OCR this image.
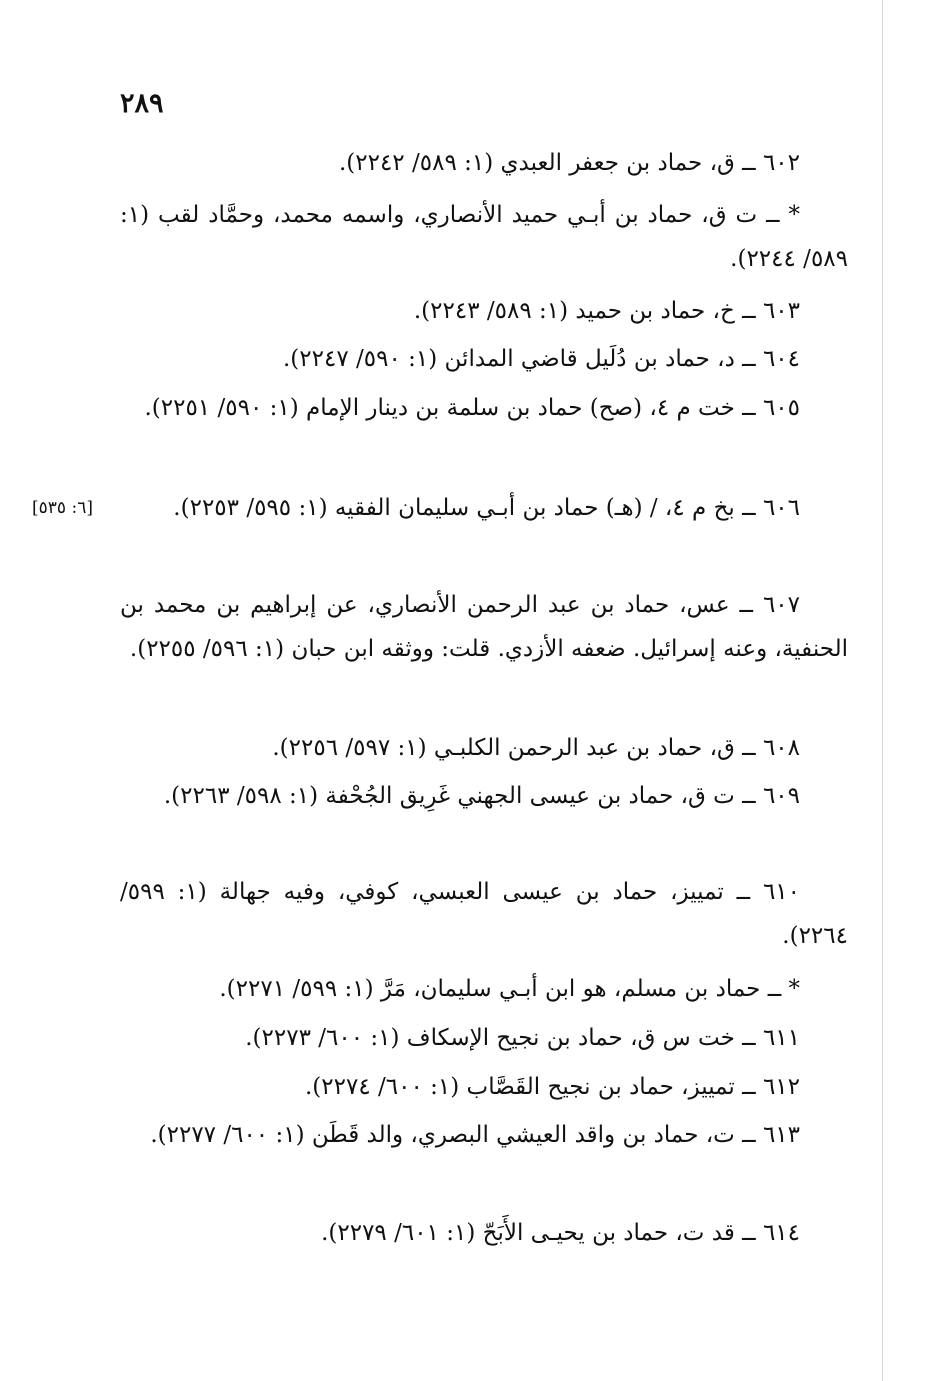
٢٨٩
٦٠٢ ــ ق، حماد بن جعفر العبدي (١: ٥٨٩/ ٢٢٤٢).
* ــ ت ق، حماد بن أبـي حميد الأنصاري، واسمه محمد، وحمَّاد لقب (١: ٥٨٩/ ٢٢٤٤).
٦٠٣ ــ خ، حماد بن حميد (١: ٥٨٩/ ٢٢٤٣).
٦٠٤ ــ د، حماد بن دُلَيل قاضي المدائن (١: ٥٩٠/ ٢٢٤٧).
٦٠٥ ــ خت م ٤، (صح) حماد بن سلمة بن دينار الإمام (١: ٥٩٠/ ٢٢٥١).
٦٠٦ ــ بخ م ٤، / (هـ) حماد بن أبـي سليمان الفقيه (١: ٥٩٥/ ٢٢٥٣).
[٦: ٥٣٥]
٦٠٧ ــ عس، حماد بن عبد الرحمن الأنصاري، عن إبراهيم بن محمد بن الحنفية، وعنه إسرائيل. ضعفه الأزدي. قلت: ووثقه ابن حبان (١: ٥٩٦/ ٢٢٥٥).
٦٠٨ ــ ق، حماد بن عبد الرحمن الكلبـي (١: ٥٩٧/ ٢٢٥٦).
٦٠٩ ــ ت ق، حماد بن عيسى الجهني غَرِيق الجُحْفة (١: ٥٩٨/ ٢٢٦٣).
٦١٠ ــ تمييز، حماد بن عيسى العبسي، كوفي، وفيه جهالة (١: ٥٩٩/ ٢٢٦٤).
* ــ حماد بن مسلم، هو ابن أبـي سليمان، مَرَّ (١: ٥٩٩/ ٢٢٧١).
٦١١ ــ خت س ق، حماد بن نجيح الإسكاف (١: ٦٠٠/ ٢٢٧٣).
٦١٢ ــ تمييز، حماد بن نجيح القَصَّاب (١: ٦٠٠/ ٢٢٧٤).
٦١٣ ــ ت، حماد بن واقد العيشي البصري، والد قَطَن (١: ٦٠٠/ ٢٢٧٧).
٦١٤ ــ قد ت، حماد بن يحيـى الأَبَحّ (١: ٦٠١/ ٢٢٧٩).
